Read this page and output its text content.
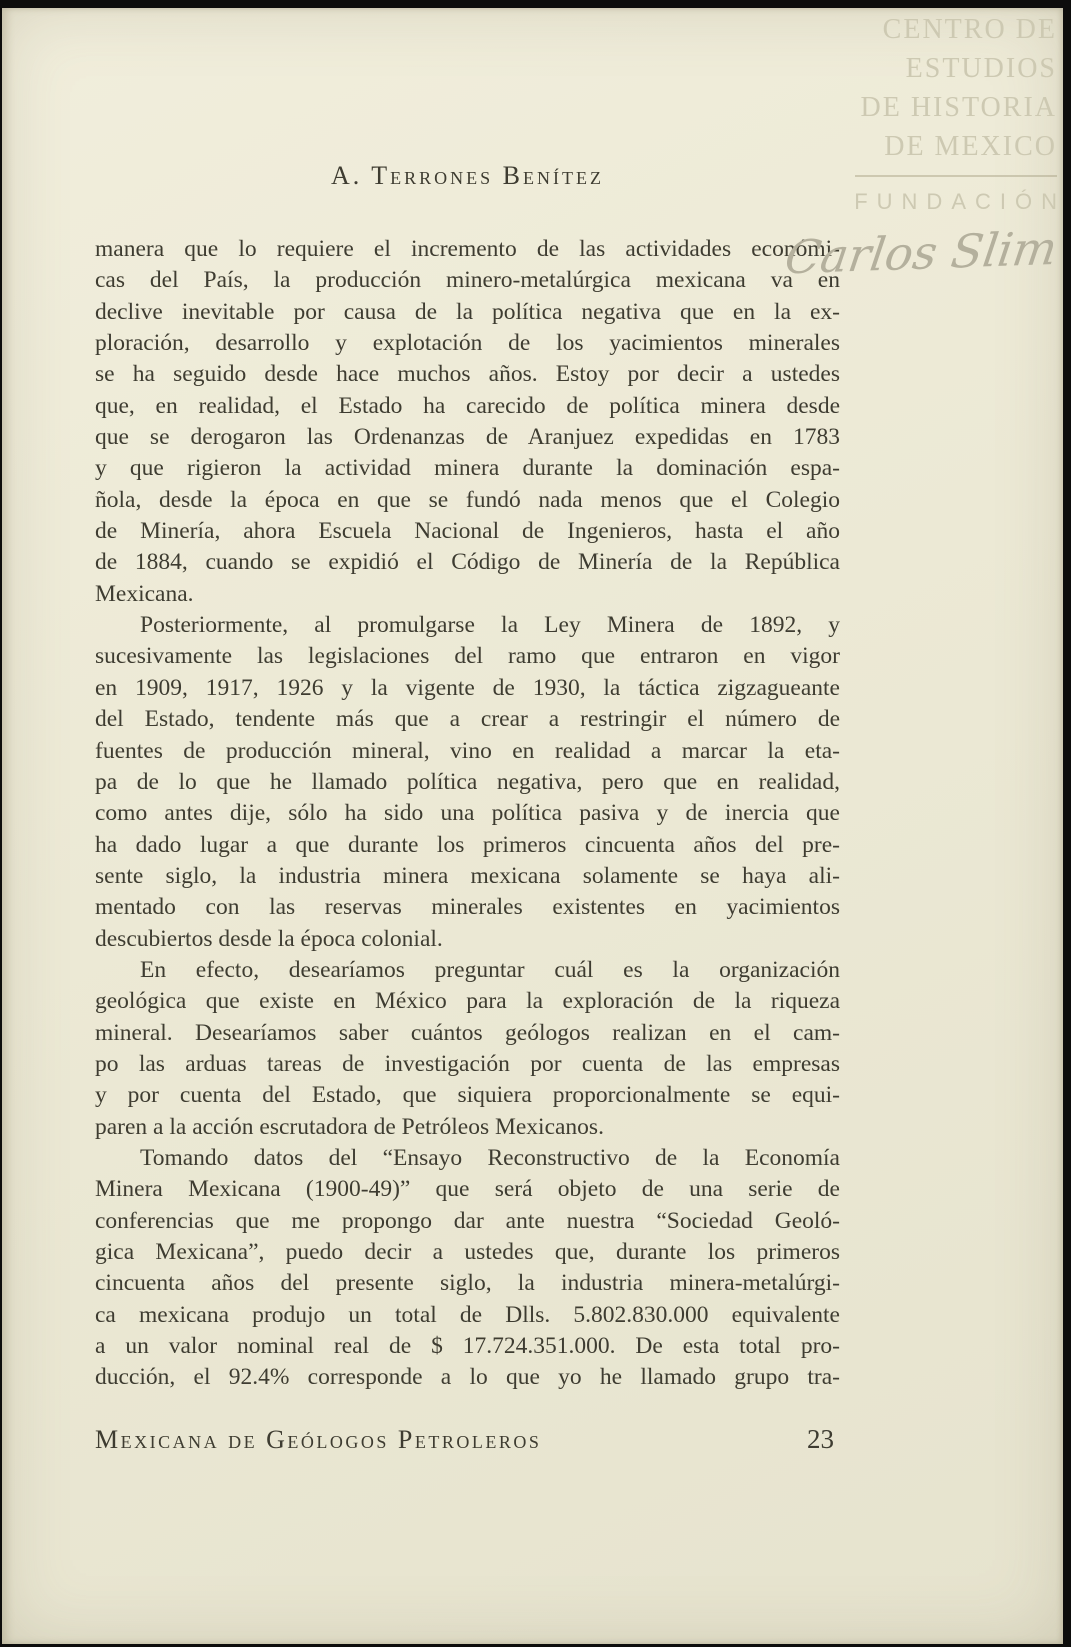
A. Terrones Benítez
manera que lo requiere el incremento de las actividades económi-
cas del País, la producción minero-metalúrgica mexicana va en
declive inevitable por causa de la política negativa que en la ex-
ploración, desarrollo y explotación de los yacimientos minerales
se ha seguido desde hace muchos años. Estoy por decir a ustedes
que, en realidad, el Estado ha carecido de política minera desde
que se derogaron las Ordenanzas de Aranjuez expedidas en 1783
y que rigieron la actividad minera durante la dominación espa-
ñola, desde la época en que se fundó nada menos que el Colegio
de Minería, ahora Escuela Nacional de Ingenieros, hasta el año
de 1884, cuando se expidió el Código de Minería de la República
Mexicana.
Posteriormente, al promulgarse la Ley Minera de 1892, y
sucesivamente las legislaciones del ramo que entraron en vigor
en 1909, 1917, 1926 y la vigente de 1930, la táctica zigzagueante
del Estado, tendente más que a crear a restringir el número de
fuentes de producción mineral, vino en realidad a marcar la eta-
pa de lo que he llamado política negativa, pero que en realidad,
como antes dije, sólo ha sido una política pasiva y de inercia que
ha dado lugar a que durante los primeros cincuenta años del pre-
sente siglo, la industria minera mexicana solamente se haya ali-
mentado con las reservas minerales existentes en yacimientos
descubiertos desde la época colonial.
En efecto, desearíamos preguntar cuál es la organización
geológica que existe en México para la exploración de la riqueza
mineral. Desearíamos saber cuántos geólogos realizan en el cam-
po las arduas tareas de investigación por cuenta de las empresas
y por cuenta del Estado, que siquiera proporcionalmente se equi-
paren a la acción escrutadora de Petróleos Mexicanos.
Tomando datos del “Ensayo Reconstructivo de la Economía
Minera Mexicana (1900-49)” que será objeto de una serie de
conferencias que me propongo dar ante nuestra “Sociedad Geoló-
gica Mexicana”, puedo decir a ustedes que, durante los primeros
cincuenta años del presente siglo, la industria minera-metalúrgi-
ca mexicana produjo un total de Dlls. 5.802.830.000 equivalente
a un valor nominal real de $ 17.724.351.000. De esta total pro-
ducción, el 92.4% corresponde a lo que yo he llamado grupo tra-
Mexicana de Geólogos Petroleros	23
CENTRO DE
ESTUDIOS
DE HISTORIA
DE MEXICO
FUNDACIÓN
Carlos Slim
